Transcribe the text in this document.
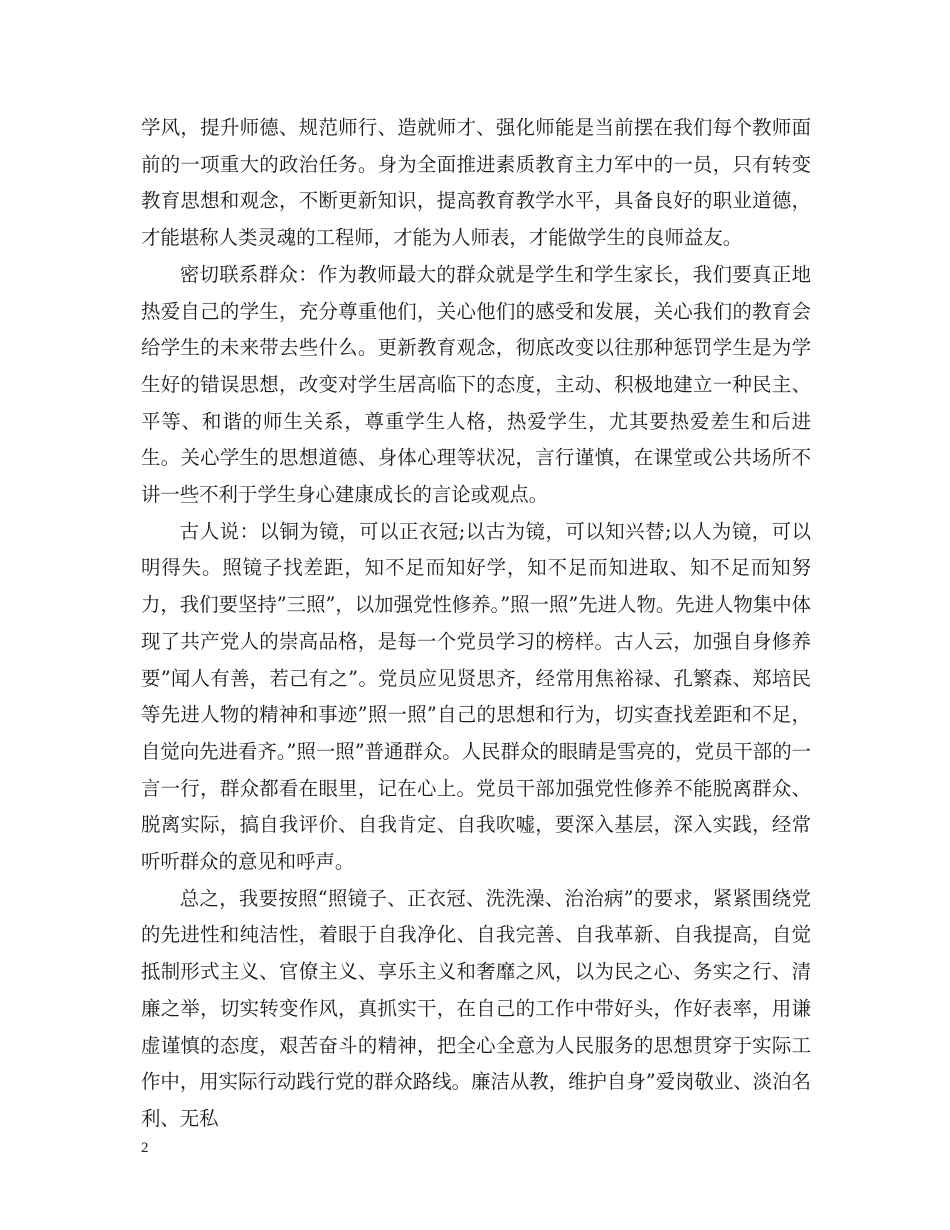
学风，提升师德、规范师行、造就师才、强化师能是当前摆在我们每个教师面前的一项重大的政治任务。身为全面推进素质教育主力军中的一员，只有转变教育思想和观念，不断更新知识，提高教育教学水平，具备良好的职业道德，才能堪称人类灵魂的工程师，才能为人师表，才能做学生的良师益友。

密切联系群众：作为教师最大的群众就是学生和学生家长，我们要真正地热爱自己的学生，充分尊重他们，关心他们的感受和发展，关心我们的教育会给学生的未来带去些什么。更新教育观念，彻底改变以往那种惩罚学生是为学生好的错误思想，改变对学生居高临下的态度，主动、积极地建立一种民主、平等、和谐的师生关系，尊重学生人格，热爱学生，尤其要热爱差生和后进生。关心学生的思想道德、身体心理等状况，言行谨慎，在课堂或公共场所不讲一些不利于学生身心建康成长的言论或观点。

古人说：以铜为镜，可以正衣冠;以古为镜，可以知兴替;以人为镜，可以明得失。照镜子找差距，知不足而知好学，知不足而知进取、知不足而知努力，我们要坚持”三照”，以加强党性修养。”照一照”先进人物。先进人物集中体现了共产党人的崇高品格，是每一个党员学习的榜样。古人云，加强自身修养要”闻人有善，若己有之”。党员应见贤思齐，经常用焦裕禄、孔繁森、郑培民等先进人物的精神和事迹”照一照”自己的思想和行为，切实查找差距和不足，自觉向先进看齐。”照一照”普通群众。人民群众的眼睛是雪亮的，党员干部的一言一行，群众都看在眼里，记在心上。党员干部加强党性修养不能脱离群众、脱离实际，搞自我评价、自我肯定、自我吹嘘，要深入基层，深入实践，经常听听群众的意见和呼声。

总之，我要按照“照镜子、正衣冠、洗洗澡、治治病”的要求，紧紧围绕党的先进性和纯洁性，着眼于自我净化、自我完善、自我革新、自我提高，自觉抵制形式主义、官僚主义、享乐主义和奢靡之风，以为民之心、务实之行、清廉之举，切实转变作风，真抓实干，在自己的工作中带好头，作好表率，用谦虚谨慎的态度，艰苦奋斗的精神，把全心全意为人民服务的思想贯穿于实际工作中，用实际行动践行党的群众路线。廉洁从教，维护自身”爱岗敬业、淡泊名利、无私

2
